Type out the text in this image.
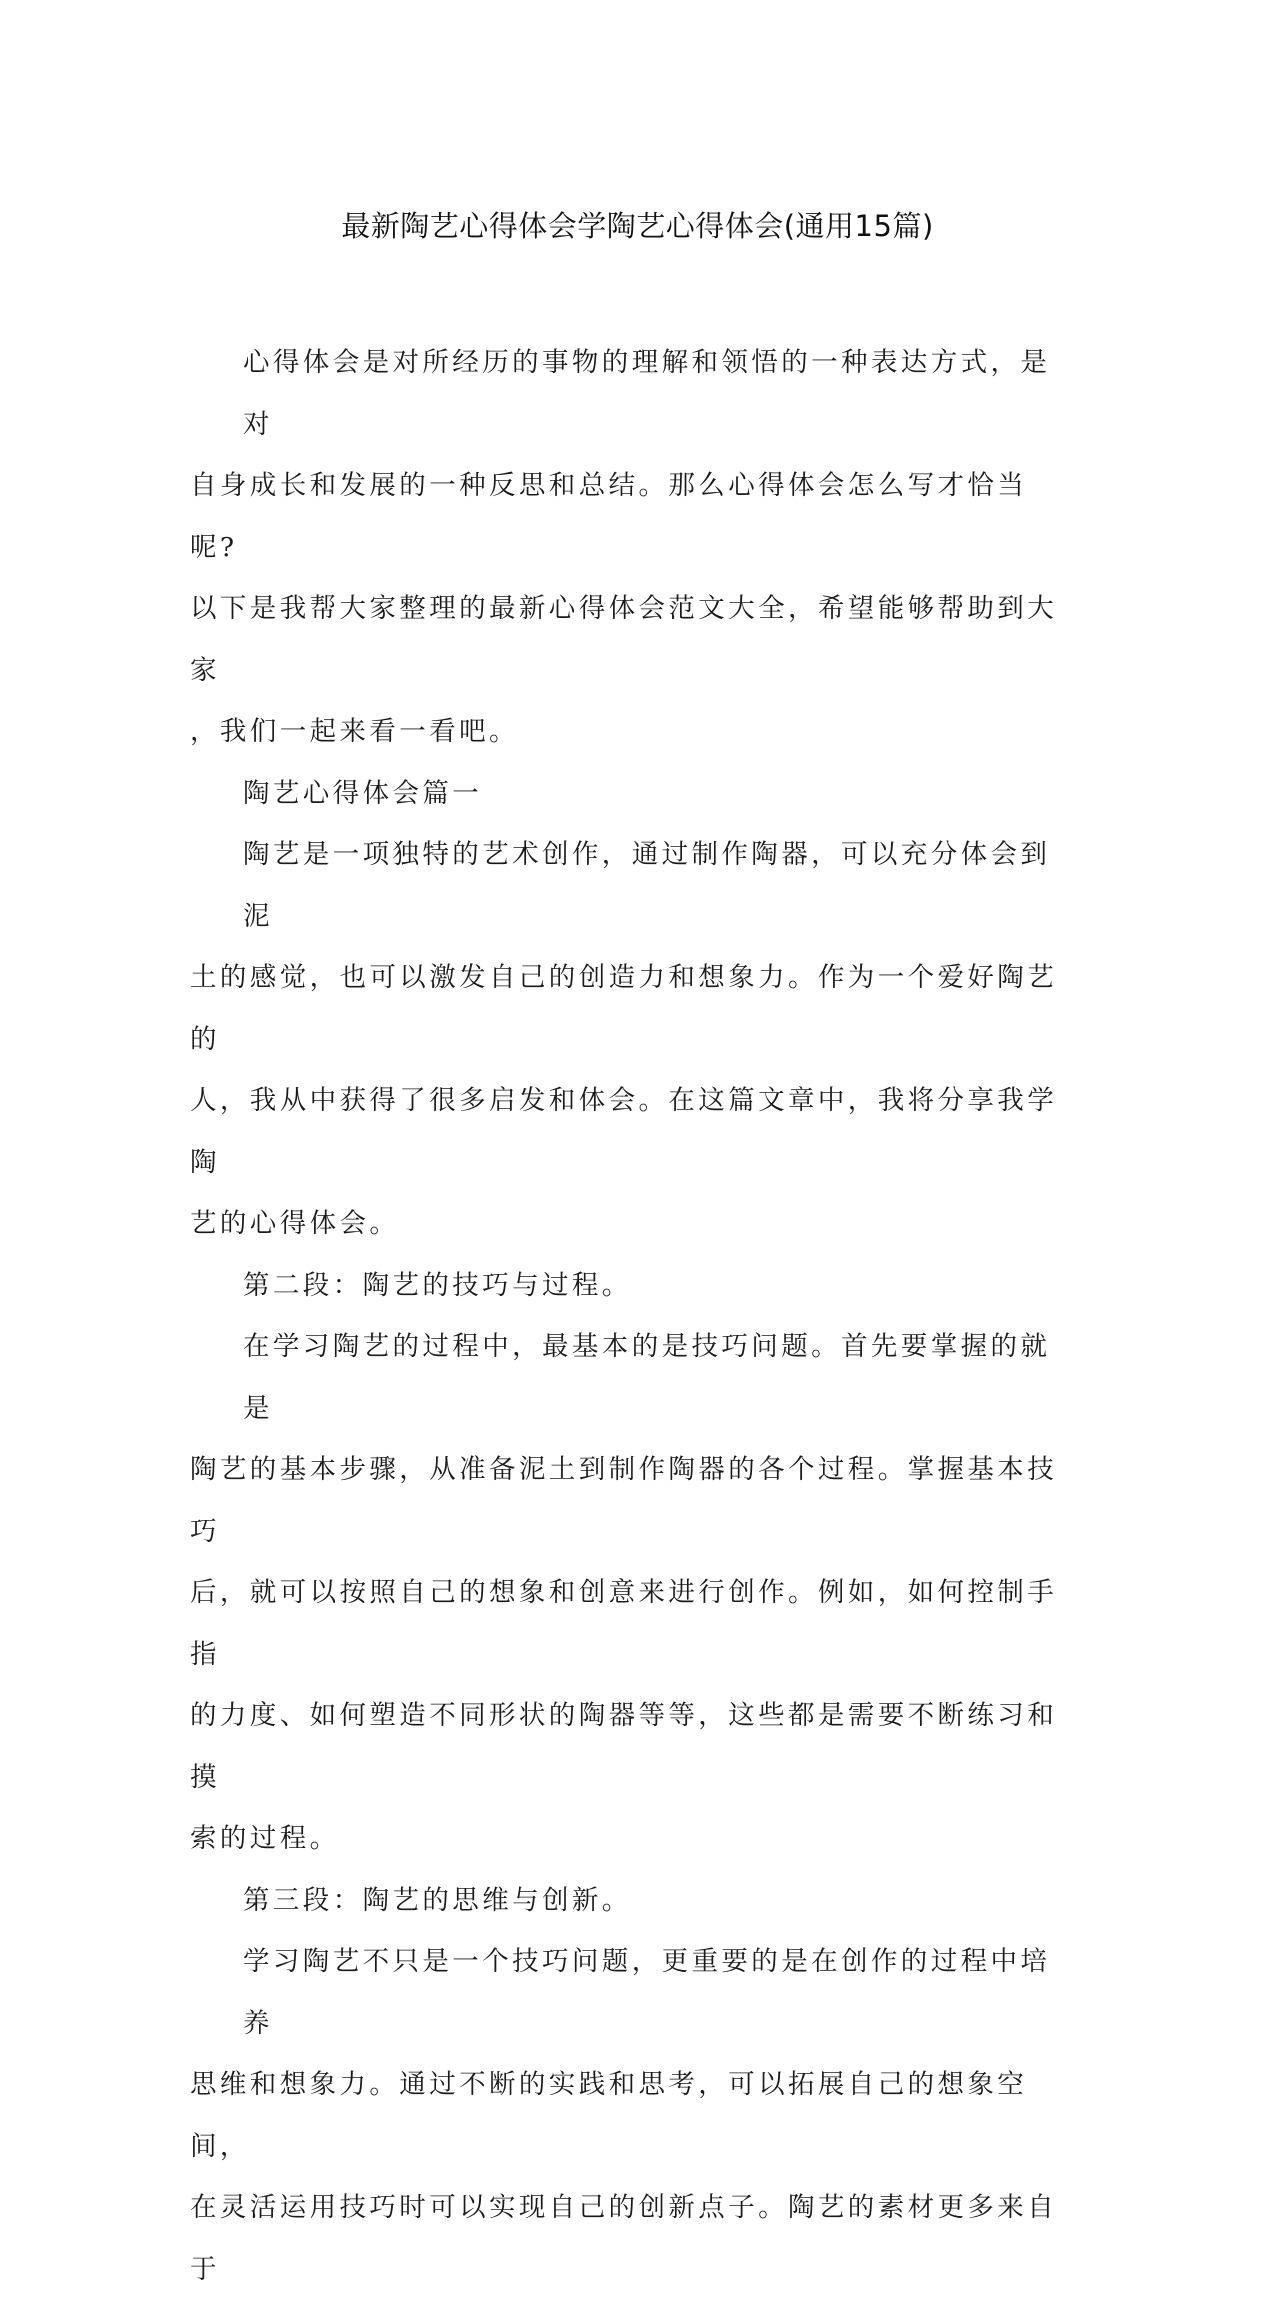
最新陶艺心得体会学陶艺心得体会(通用15篇)
心得体会是对所经历的事物的理解和领悟的一种表达方式，是对
自身成长和发展的一种反思和总结。那么心得体会怎么写才恰当呢?
以下是我帮大家整理的最新心得体会范文大全，希望能够帮助到大家
，我们一起来看一看吧。
陶艺心得体会篇一
陶艺是一项独特的艺术创作，通过制作陶器，可以充分体会到泥
土的感觉，也可以激发自己的创造力和想象力。作为一个爱好陶艺的
人，我从中获得了很多启发和体会。在这篇文章中，我将分享我学陶
艺的心得体会。
第二段：陶艺的技巧与过程。
在学习陶艺的过程中，最基本的是技巧问题。首先要掌握的就是
陶艺的基本步骤，从准备泥土到制作陶器的各个过程。掌握基本技巧
后，就可以按照自己的想象和创意来进行创作。例如，如何控制手指
的力度、如何塑造不同形状的陶器等等，这些都是需要不断练习和摸
索的过程。
第三段：陶艺的思维与创新。
学习陶艺不只是一个技巧问题，更重要的是在创作的过程中培养
思维和想象力。通过不断的实践和思考，可以拓展自己的想象空间，
在灵活运用技巧时可以实现自己的创新点子。陶艺的素材更多来自于
